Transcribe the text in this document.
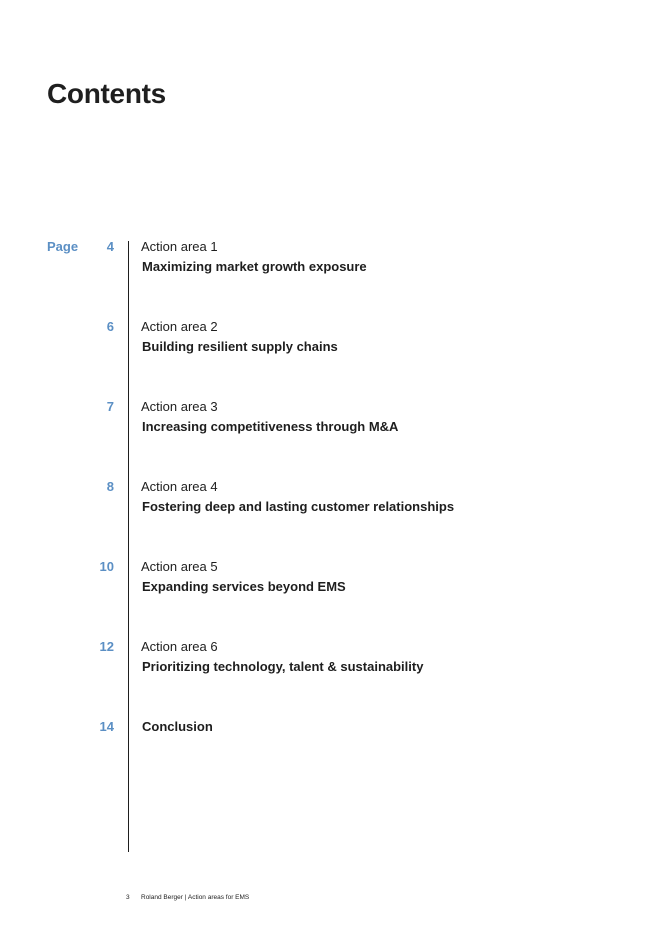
Contents
Page 4 Action area 1
Maximizing market growth exposure
6 Action area 2
Building resilient supply chains
7 Action area 3
Increasing competitiveness through M&A
8 Action area 4
Fostering deep and lasting customer relationships
10 Action area 5
Expanding services beyond EMS
12 Action area 6
Prioritizing technology, talent & sustainability
14 Conclusion
3 Roland Berger | Action areas for EMS
